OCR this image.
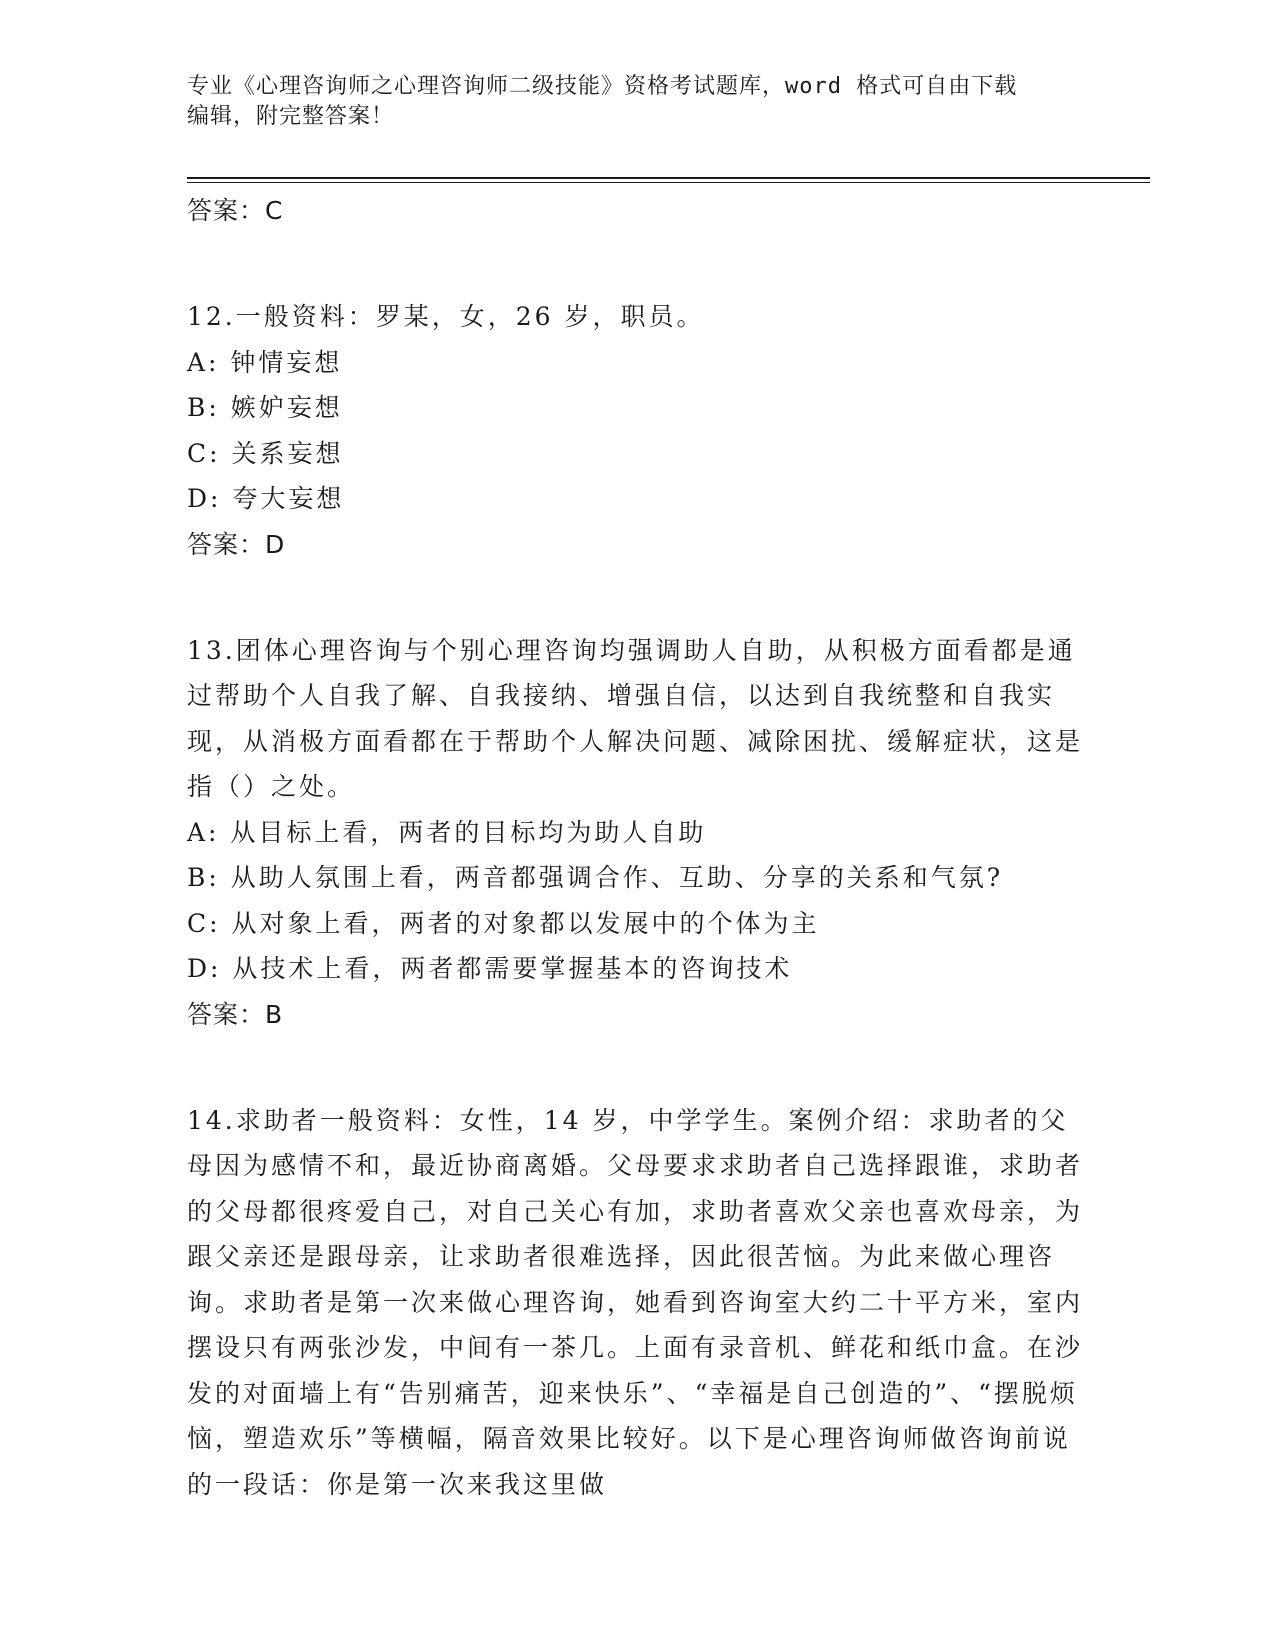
专业《心理咨询师之心理咨询师二级技能》资格考试题库，word 格式可自由下载
编辑，附完整答案！
答案：C
12.一般资料：罗某，女，26 岁，职员。
A: 钟情妄想
B: 嫉妒妄想
C: 关系妄想
D: 夸大妄想
答案：D
13.团体心理咨询与个别心理咨询均强调助人自助，从积极方面看都是通过帮助个人自我了解、自我接纳、增强自信，以达到自我统整和自我实现，从消极方面看都在于帮助个人解决问题、减除困扰、缓解症状，这是指（）之处。
A: 从目标上看，两者的目标均为助人自助
B: 从助人氛围上看，两音都强调合作、互助、分享的关系和气氛?
C: 从对象上看，两者的对象都以发展中的个体为主
D: 从技术上看，两者都需要掌握基本的咨询技术
答案：B
14.求助者一般资料：女性，14 岁，中学学生。案例介绍：求助者的父母因为感情不和，最近协商离婚。父母要求求助者自己选择跟谁，求助者的父母都很疼爱自己，对自己关心有加，求助者喜欢父亲也喜欢母亲，为跟父亲还是跟母亲，让求助者很难选择，因此很苦恼。为此来做心理咨询。求助者是第一次来做心理咨询，她看到咨询室大约二十平方米，室内摆设只有两张沙发，中间有一茶几。上面有录音机、鲜花和纸巾盒。在沙发的对面墙上有“告别痛苦，迎来快乐”、“幸福是自己创造的”、“摆脱烦恼，塑造欢乐”等横幅，隔音效果比较好。以下是心理咨询师做咨询前说的一段话：你是第一次来我这里做
